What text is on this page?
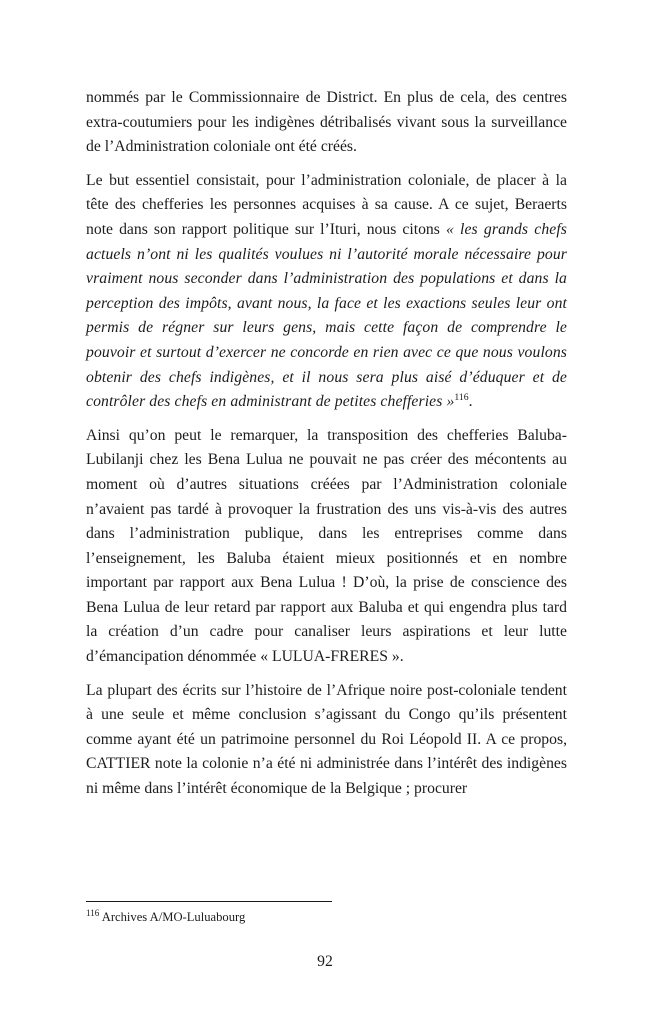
nommés par le Commissionnaire de District. En plus de cela, des centres extra-coutumiers pour les indigènes détribalisés vivant sous la surveillance de l’Administration coloniale ont été créés.

Le but essentiel consistait, pour l’administration coloniale, de placer à la tête des chefferies les personnes acquises à sa cause. A ce sujet, Beraerts note dans son rapport politique sur l’Ituri, nous citons « les grands chefs actuels n’ont ni les qualités voulues ni l’autorité morale nécessaire pour vraiment nous seconder dans l’administration des populations et dans la perception des impôts, avant nous, la face et les exactions seules leur ont permis de régner sur leurs gens, mais cette façon de comprendre le pouvoir et surtout d’exercer ne concorde en rien avec ce que nous voulons obtenir des chefs indigènes, et il nous sera plus aisé d’éduquer et de contrôler des chefs en administrant de petites chefferies »$^{116}$.

Ainsi qu’on peut le remarquer, la transposition des chefferies Baluba-Lubilanji chez les Bena Lulua ne pouvait ne pas créer des mécontents au moment où d’autres situations créées par l’Administration coloniale n’avaient pas tardé à provoquer la frustration des uns vis-à-vis des autres dans l’administration publique, dans les entreprises comme dans l’enseignement, les Baluba étaient mieux positionnés et en nombre important par rapport aux Bena Lulua ! D’où, la prise de conscience des Bena Lulua de leur retard par rapport aux Baluba et qui engendra plus tard la création d’un cadre pour canaliser leurs aspirations et leur lutte d’émancipation dénommée « LULUA-FRERES ».

La plupart des écrits sur l’histoire de l’Afrique noire post-coloniale tendent à une seule et même conclusion s’agissant du Congo qu’ils présentent comme ayant été un patrimoine personnel du Roi Léopold II. A ce propos, CATTIER note la colonie n’a été ni administrée dans l’intérêt des indigènes ni même dans l’intérêt économique de la Belgique ; procurer

$^{116}$ Archives A/MO-Luluabourg

92
